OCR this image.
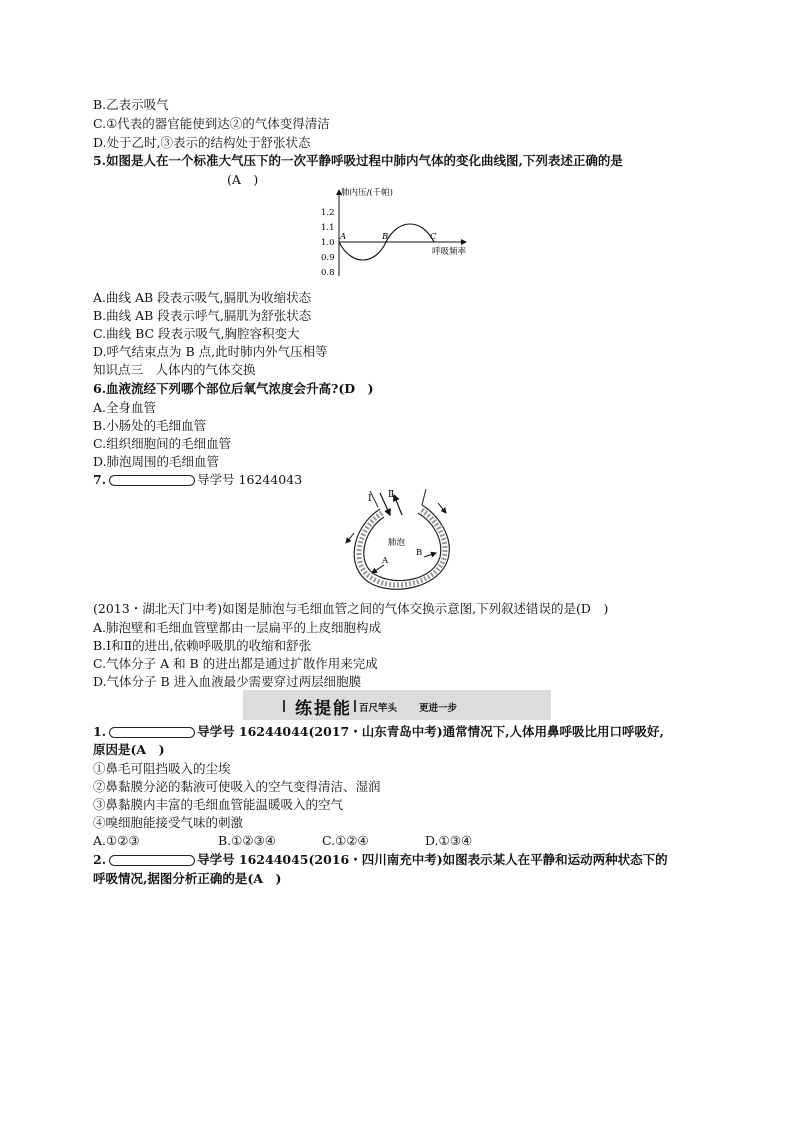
B.乙表示吸气
C.①代表的器官能使到达②的气体变得清洁
D.处于乙时,③表示的结构处于舒张状态
5.如图是人在一个标准大气压下的一次平静呼吸过程中肺内气体的变化曲线图,下列表述正确的是
(A　)
肺内压/(千帕)
呼吸频率
1.2
1.1
1.0
0.9
0.8
A	B	C
A.曲线 AB 段表示吸气,膈肌为收缩状态
B.曲线 AB 段表示呼气,膈肌为舒张状态
C.曲线 BC 段表示吸气,胸腔容积变大
D.呼气结束点为 B 点,此时肺内外气压相等
知识点三　人体内的气体交换
6.血液流经下列哪个部位后氧气浓度会升高?(D　)
A.全身血管
B.小肠处的毛细血管
C.组织细胞间的毛细血管
D.肺泡周围的毛细血管
7.	导学号 16244043
Ⅰ Ⅱ
肺泡
A
B
(2013・湖北天门中考)如图是肺泡与毛细血管之间的气体交换示意图,下列叙述错误的是(D　)
A.肺泡壁和毛细血管壁都由一层扁平的上皮细胞构成
B.Ⅰ和Ⅱ的进出,依赖呼吸肌的收缩和舒张
C.气体分子 A 和 B 的进出都是通过扩散作用来完成
D.气体分子 B 进入血液最少需要穿过两层细胞膜
练提能 百尺竿头 更进一步
1.	导学号 16244044(2017・山东青岛中考)通常情况下,人体用鼻呼吸比用口呼吸好,
原因是(A　)
①鼻毛可阻挡吸入的尘埃
②鼻黏膜分泌的黏液可使吸入的空气变得清洁、湿润
③鼻黏膜内丰富的毛细血管能温暖吸入的空气
④嗅细胞能接受气味的刺激
A.①②③	B.①②③④	C.①②④	D.①③④
2.	导学号 16244045(2016・四川南充中考)如图表示某人在平静和运动两种状态下的
呼吸情况,据图分析正确的是(A　)
